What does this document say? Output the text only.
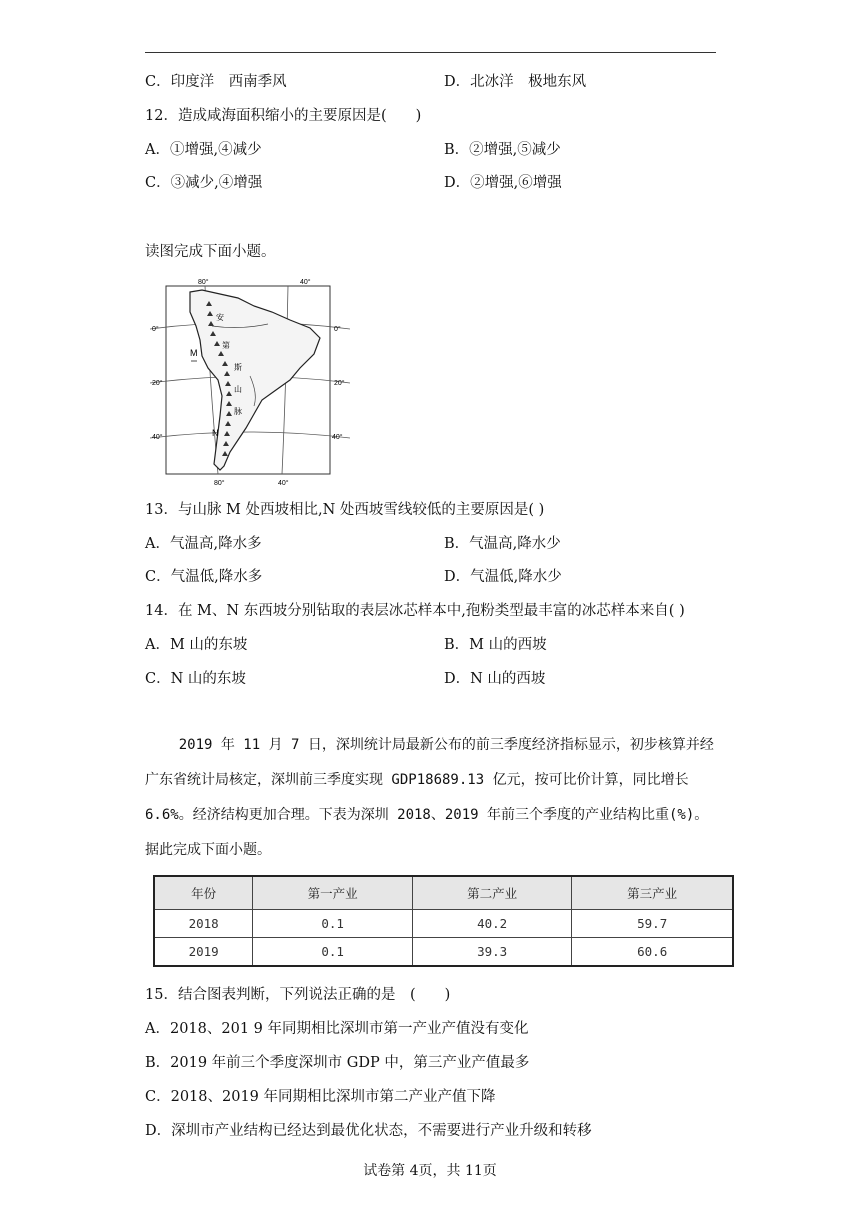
C．印度洋　西南季风	D．北冰洋　极地东风
12．造成咸海面积缩小的主要原因是(　　)
A．①增强,④减少	B．②增强,⑤减少
C．③减少,④增强	D．②增强,⑥增强
读图完成下面小题。
80°	40°
80°	40°
0°	0°
20°	20°
40°	40°
M
N
安
第
斯
山
脉
13．与山脉 M 处西坡相比,N 处西坡雪线较低的主要原因是( )
A．气温高,降水多	B．气温高,降水少
C．气温低,降水多	D．气温低,降水少
14．在 M、N 东西坡分别钻取的表层冰芯样本中,孢粉类型最丰富的冰芯样本来自( )
A．M 山的东坡	B．M 山的西坡
C．N 山的东坡	D．N 山的西坡
2019 年 11 月 7 日，深圳统计局最新公布的前三季度经济指标显示，初步核算并经
广东省统计局核定，深圳前三季度实现 GDP18689.13 亿元，按可比价计算，同比增长
6.6%。经济结构更加合理。下表为深圳 2018、2019 年前三个季度的产业结构比重(%)。
据此完成下面小题。
年份	第一产业	第二产业	第三产业
2018	0.1	40.2	59.7
2019	0.1	39.3	60.6
15．结合图表判断，下列说法正确的是　(　　)
A．2018、201 9 年同期相比深圳市第一产业产值没有变化
B．2019 年前三个季度深圳市 GDP 中，第三产业产值最多
C．2018、2019 年同期相比深圳市第二产业产值下降
D．深圳市产业结构已经达到最优化状态，不需要进行产业升级和转移
试卷第 4页，共 11页
